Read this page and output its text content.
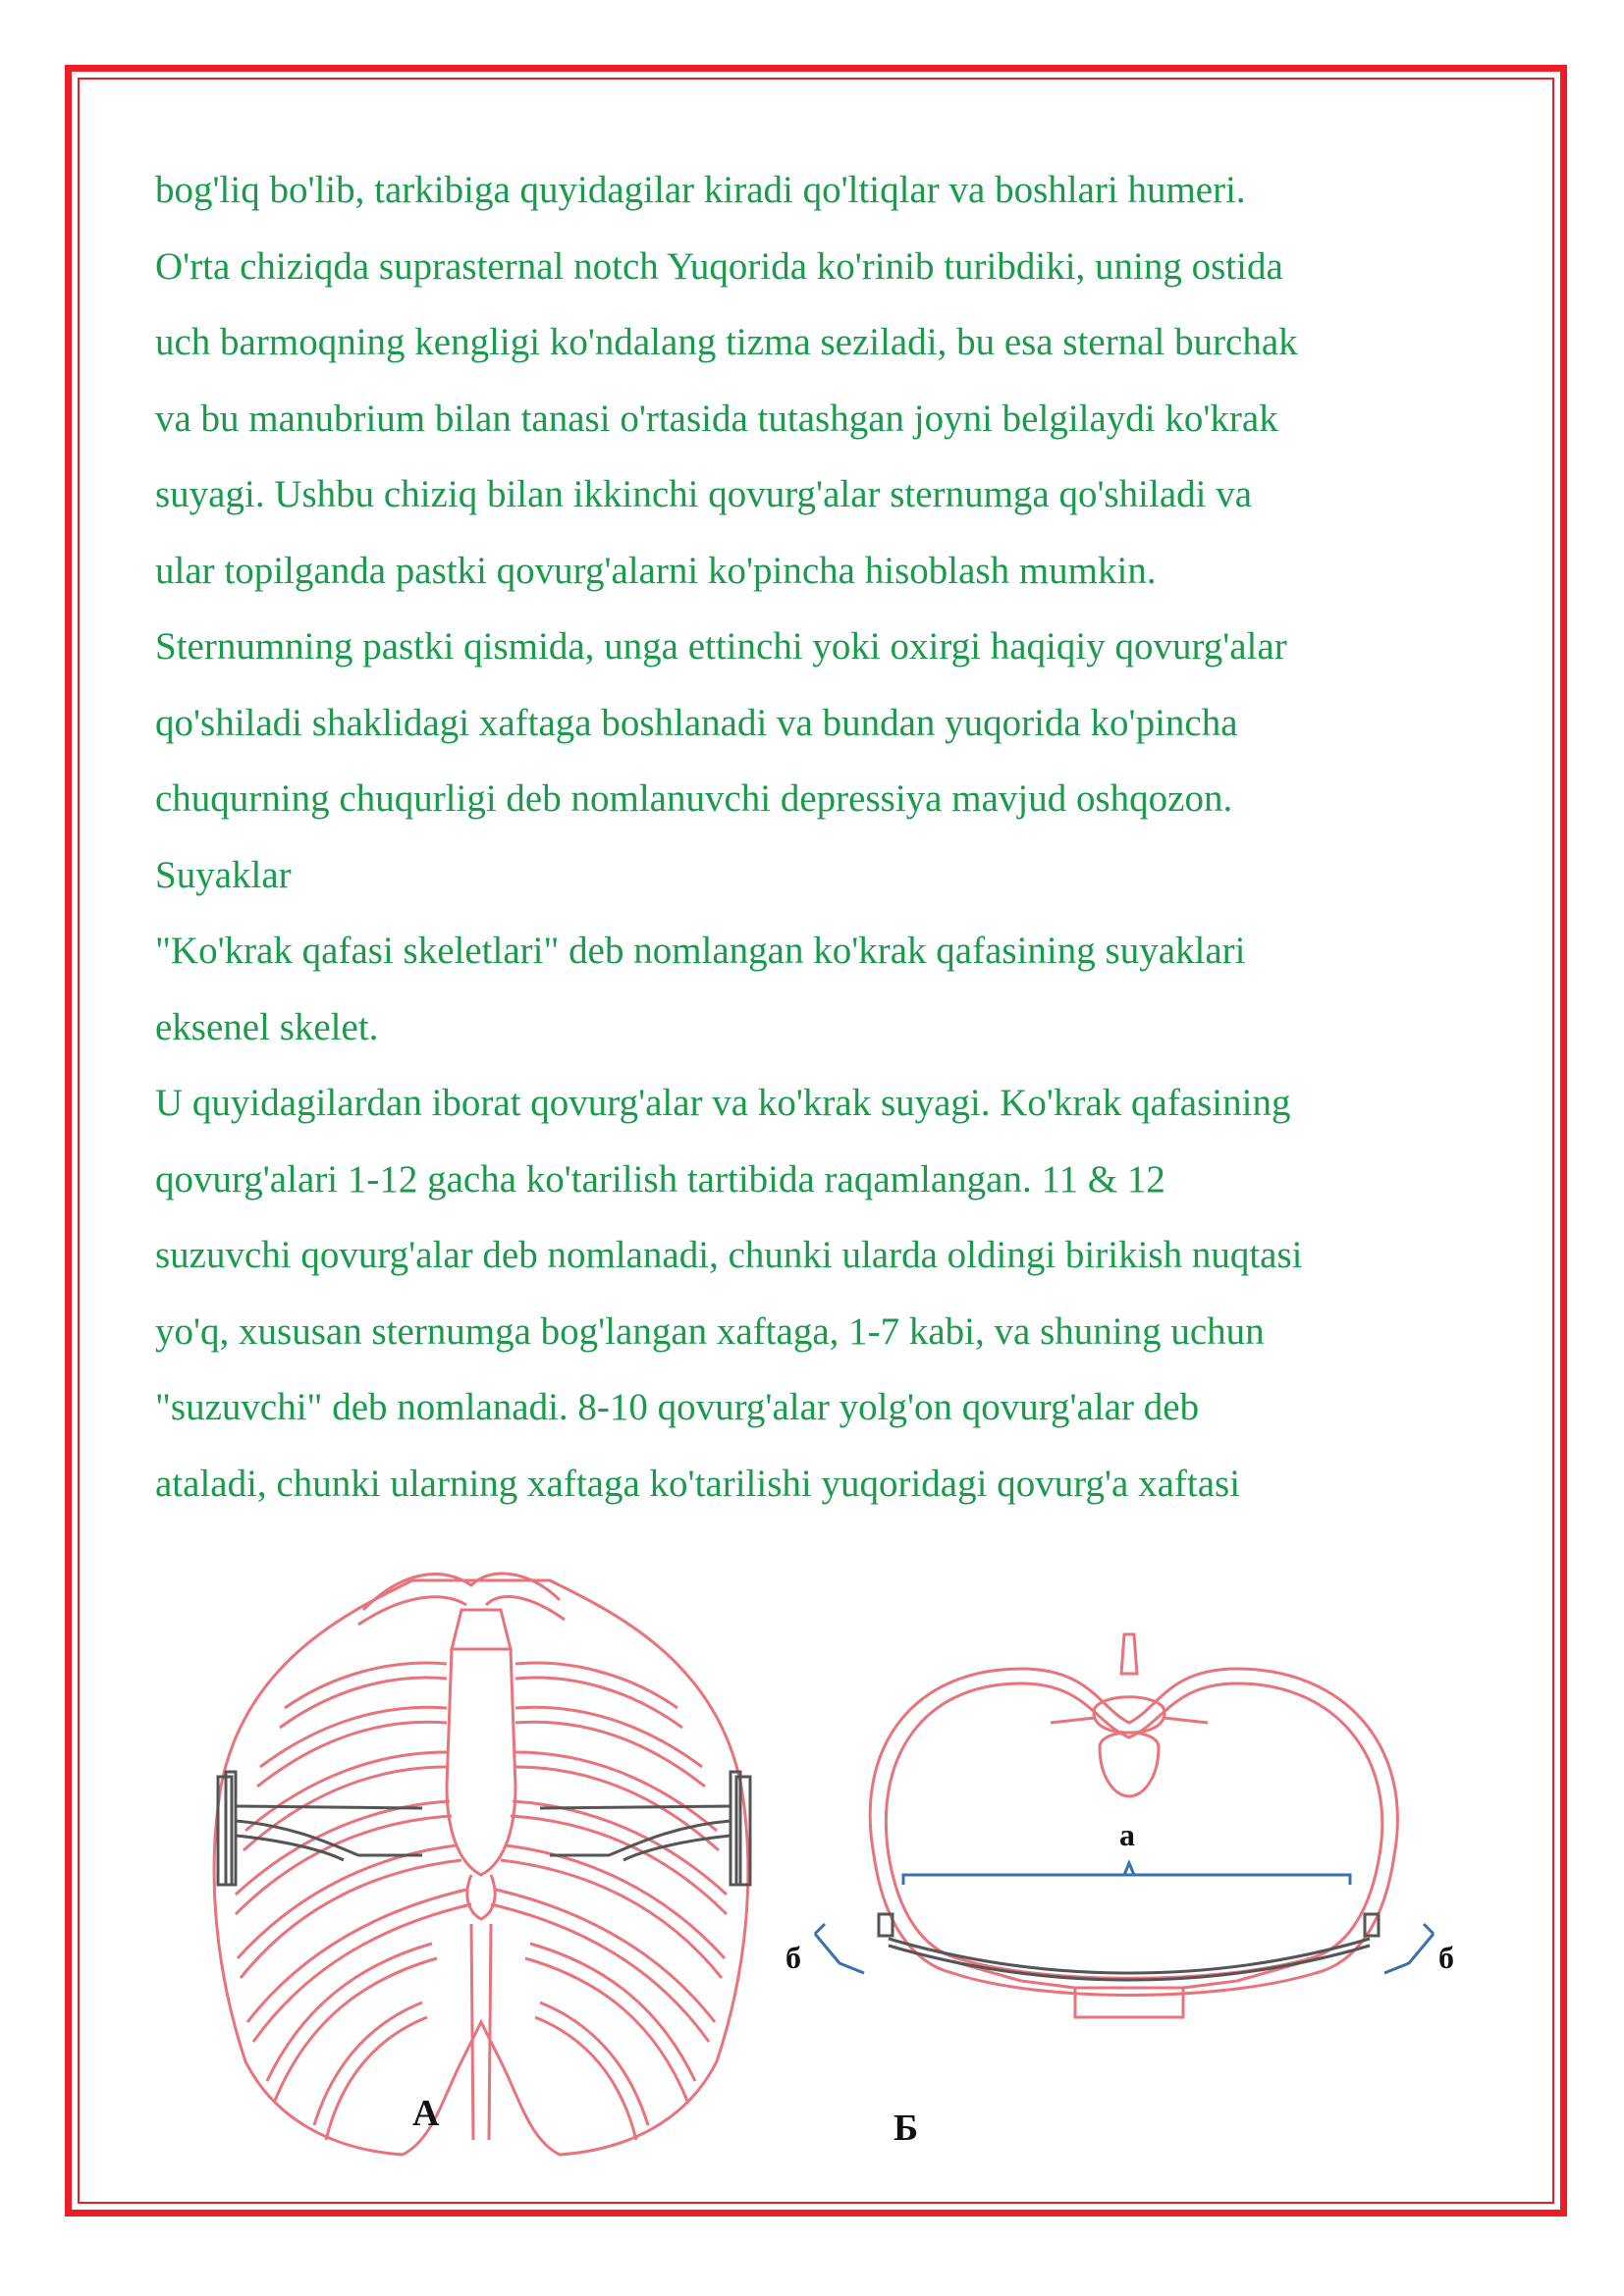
bog'liq bo'lib, tarkibiga quyidagilar kiradi qo'ltiqlar va boshlari humeri.
O'rta chiziqda suprasternal notch Yuqorida ko'rinib turibdiki, uning ostida
uch barmoqning kengligi ko'ndalang tizma seziladi, bu esa sternal burchak
va bu manubrium bilan tanasi o'rtasida tutashgan joyni belgilaydi ko'krak
suyagi. Ushbu chiziq bilan ikkinchi qovurg'alar sternumga qo'shiladi va
ular topilganda pastki qovurg'alarni ko'pincha hisoblash mumkin.
Sternumning pastki qismida, unga ettinchi yoki oxirgi haqiqiy qovurg'alar
qo'shiladi shaklidagi xaftaga boshlanadi va bundan yuqorida ko'pincha
chuqurning chuqurligi deb nomlanuvchi depressiya mavjud oshqozon.
Suyaklar
"Ko'krak qafasi skeletlari" deb nomlangan ko'krak qafasining suyaklari
eksenel skelet.
U quyidagilardan iborat qovurg'alar va ko'krak suyagi. Ko'krak qafasining
qovurg'alari 1-12 gacha ko'tarilish tartibida raqamlangan. 11 & 12
suzuvchi qovurg'alar deb nomlanadi, chunki ularda oldingi birikish nuqtasi
yo'q, xususan sternumga bog'langan xaftaga, 1-7 kabi, va shuning uchun
"suzuvchi" deb nomlanadi. 8-10 qovurg'alar yolg'on qovurg'alar deb
ataladi, chunki ularning xaftaga ko'tarilishi yuqoridagi qovurg'a xaftasi
А
а
б	б
Б
